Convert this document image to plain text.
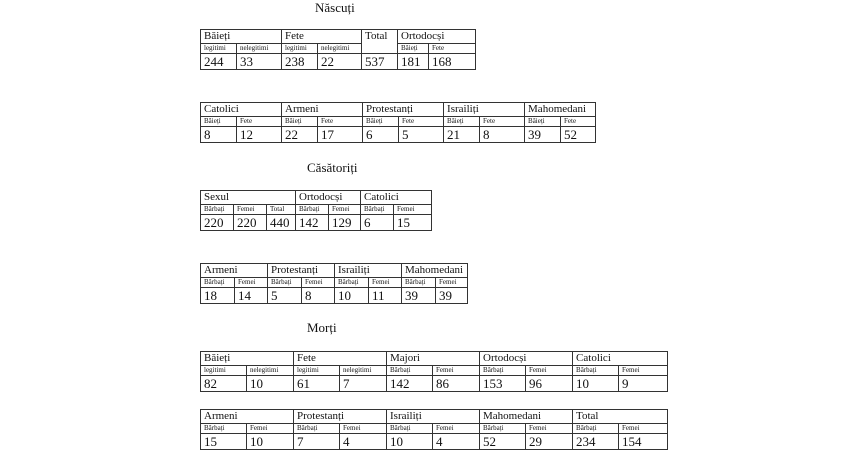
Născuți
Băieți		Fete		Total	Ortodocși	
legitimi	nelegitimi	legitimi	nelegitimi		Băieți	Fete
244	33	238	22	537	181	168
Catolici		Armeni		Protestanți		Israiliți		Mahomedani	
Băieți	Fete	Băieți	Fete	Băieți	Fete	Băieți	Fete	Băieți	Fete
8	12	22	17	6	5	21	8	39	52
Căsătoriți
Sexul			Ortodocși		Catolici	
Bărbați	Femei	Total	Bărbați	Femei	Bărbați	Femei
220	220	440	142	129	6	15
Armeni		Protestanți		Israiliți		Mahomedani	
Bărbați	Femei	Bărbați	Femei	Bărbați	Femei	Bărbați	Femei
18	14	5	8	10	11	39	39
Morți
Băieți		Fete		Majori		Ortodocși		Catolici	
legitimi	nelegitimi	legitimi	nelegitimi	Bărbați	Femei	Bărbați	Femei	Bărbați	Femei
82	10	61	7	142	86	153	96	10	9
Armeni		Protestanți		Israiliți		Mahomedani		Total	
Bărbați	Femei	Bărbați	Femei	Bărbați	Femei	Bărbați	Femei	Bărbați	Femei
15	10	7	4	10	4	52	29	234	154
